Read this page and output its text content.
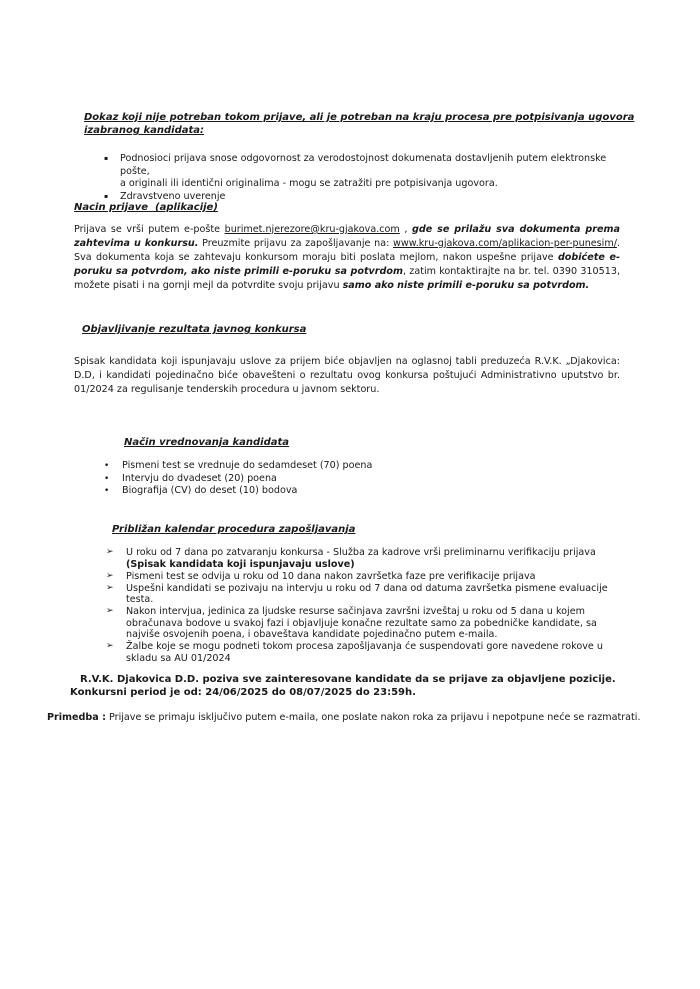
Dokaz koji nije potreban tokom prijave, ali je potreban na kraju procesa pre potpisivanja ugovora
izabranog kandidata:
▪ Podnosioci prijava snose odgovornost za verodostojnost dokumenata dostavljenih putem elektronske pošte,
a originali ili identični originalima - mogu se zatražiti pre potpisivanja ugovora.
▪ Zdravstveno uverenje
Nacin prijave  (aplikacije)
Prijava se vrši putem e-pošte burimet.njerezore@kru-gjakova.com , gde se prilažu sva dokumenta prema zahtevima u konkursu. Preuzmite prijavu za zapošljavanje na: www.kru-gjakova.com/aplikacion-per-punesim/. Sva dokumenta koja se zahtevaju konkursom moraju biti poslata mejlom, nakon uspešne prijave dobićete e-poruku sa potvrdom, ako niste primili e-poruku sa potvrdom, zatim kontaktirajte na br. tel. 0390 310513, možete pisati i na gornji mejl da potvrdite svoju prijavu samo ako niste primili e-poruku sa potvrdom.
Objavljivanje rezultata javnog konkursa
Spisak kandidata koji ispunjavaju uslove za prijem biće objavljen na oglasnoj tabli preduzeća R.V.K. „Djakovica: D.D, i kandidati pojedinačno biće obavešteni o rezultatu ovog konkursa poštujući Administrativno uputstvo br. 01/2024 za regulisanje tenderskih procedura u javnom sektoru.
Način vrednovanja kandidata
• Pismeni test se vrednuje do sedamdeset (70) poena
• Intervju do dvadeset (20) poena
• Biografija (CV) do deset (10) bodova
Približan kalendar procedura zapošljavanja
➢ U roku od 7 dana po zatvaranju konkursa - Služba za kadrove vrši preliminarnu verifikaciju prijava (Spisak kandidata koji ispunjavaju uslove)
➢ Pismeni test se odvija u roku od 10 dana nakon završetka faze pre verifikacije prijava
➢ Uspešni kandidati se pozivaju na intervju u roku od 7 dana od datuma završetka pismene evaluacije testa.
➢ Nakon intervjua, jedinica za ljudske resurse sačinjava završni izveštaj u roku od 5 dana u kojem obračunava bodove u svakoj fazi i objavljuje konačne rezultate samo za pobedničke kandidate, sa najviše osvojenih poena, i obaveštava kandidate pojedinačno putem e-maila.
➢ Žalbe koje se mogu podneti tokom procesa zapošljavanja će suspendovati gore navedene rokove u skladu sa AU 01/2024
R.V.K. Djakovica D.D. poziva sve zainteresovane kandidate da se prijave za objavljene pozicije.
Konkursni period je od: 24/06/2025 do 08/07/2025 do 23:59h.
Primedba : Prijave se primaju isključivo putem e-maila, one poslate nakon roka za prijavu i nepotpune neće se razmatrati.
